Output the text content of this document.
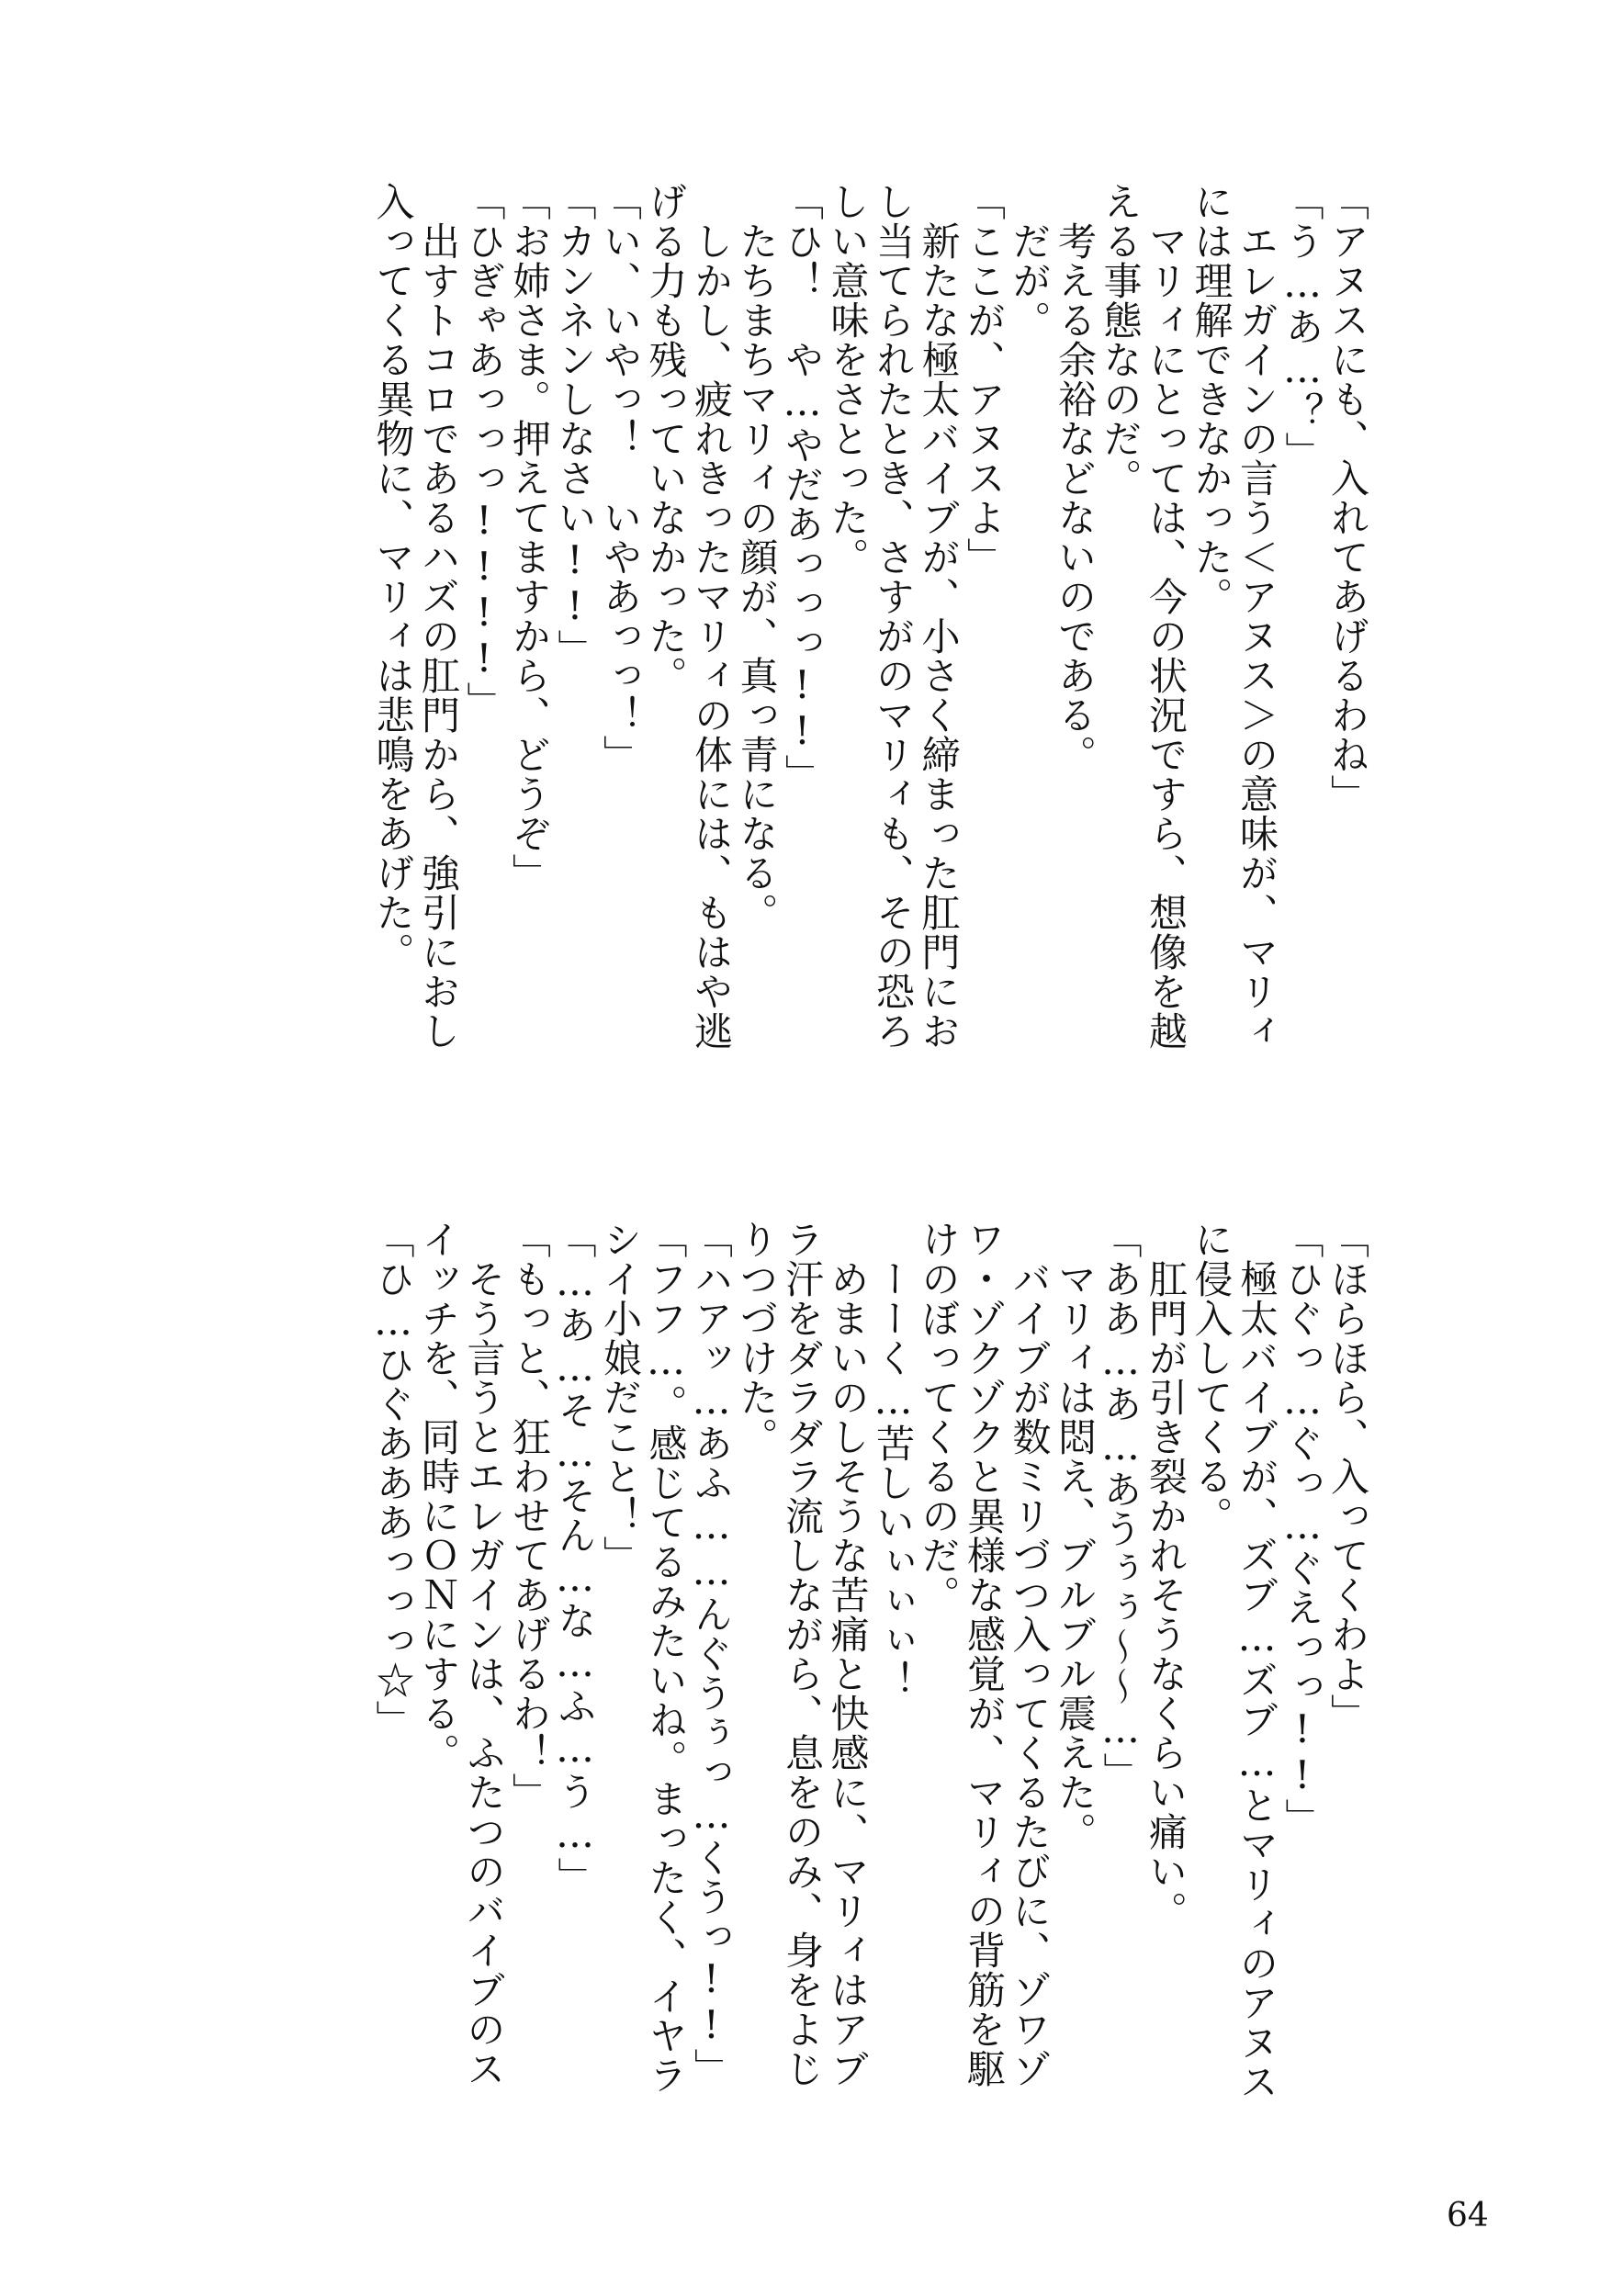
「アヌスにも、入れてあげるわね」
「う…あ…？」
　エレガインの言う＜アヌス＞の意味が、マリィ
には理解できなかった。
　マリィにとっては、今の状況ですら、想像を越
える事態なのだ。
　考える余裕などないのである。
　だが。
「ここが、アヌスよ」
　新たな極太バイブが、小さく締まった肛門にお
し当てられたとき、さすがのマリィも、その恐ろ
しい意味をさとった。
「ひ！　や…やだあっっっ!!」
　たちまちマリィの顔が、真っ青になる。
　しかし、疲れきったマリィの体には、もはや逃
げる力も残っていなかった。
「い、いやっ！　いやあっっ！」
「カンネンしなさい!!」
「お姉さま。押えてますから、どうぞ」
「ひぎゃあっっっ!!!!」
　出すトコロであるハズの肛門から、強引におし
入ってくる異物に、マリィは悲鳴をあげた。
「ほらほら、入ってくわよ」
「ひぐっ…ぐっ…ぐえっっ!!」
　極太バイブが、ズブ…ズブ…とマリィのアヌス
に侵入してくる。
　肛門が引き裂かれそうなくらい痛い。
「ああ…あ…あうぅぅ〜〜…」
　マリィは悶え、ブルブル震えた。
　バイブが数ミリづつ入ってくるたびに、ゾワゾ
ワ・ゾクゾクと異様な感覚が、マリィの背筋を駆
けのぼってくるのだ。
　ーーく…苦しいぃぃぃ！
　めまいのしそうな苦痛と快感に、マリィはアブ
ラ汗をダラダラ流しながら、息をのみ、身をよじ
りつづけた。
「ハアッ…あふ……んぐうぅっ…くうっ!!」
「フフ…。感じてるみたいね。まったく、イヤラ
シイ小娘だこと！」
「…あ…そ…そん…な…ふ…う…」
「もっと、狂わせてあげるわ！」
　そう言うとエレガインは、ふたつのバイブのス
イッチを、同時にＯＮにする。
「ひ…ひぐあああっっっ☆」
64
